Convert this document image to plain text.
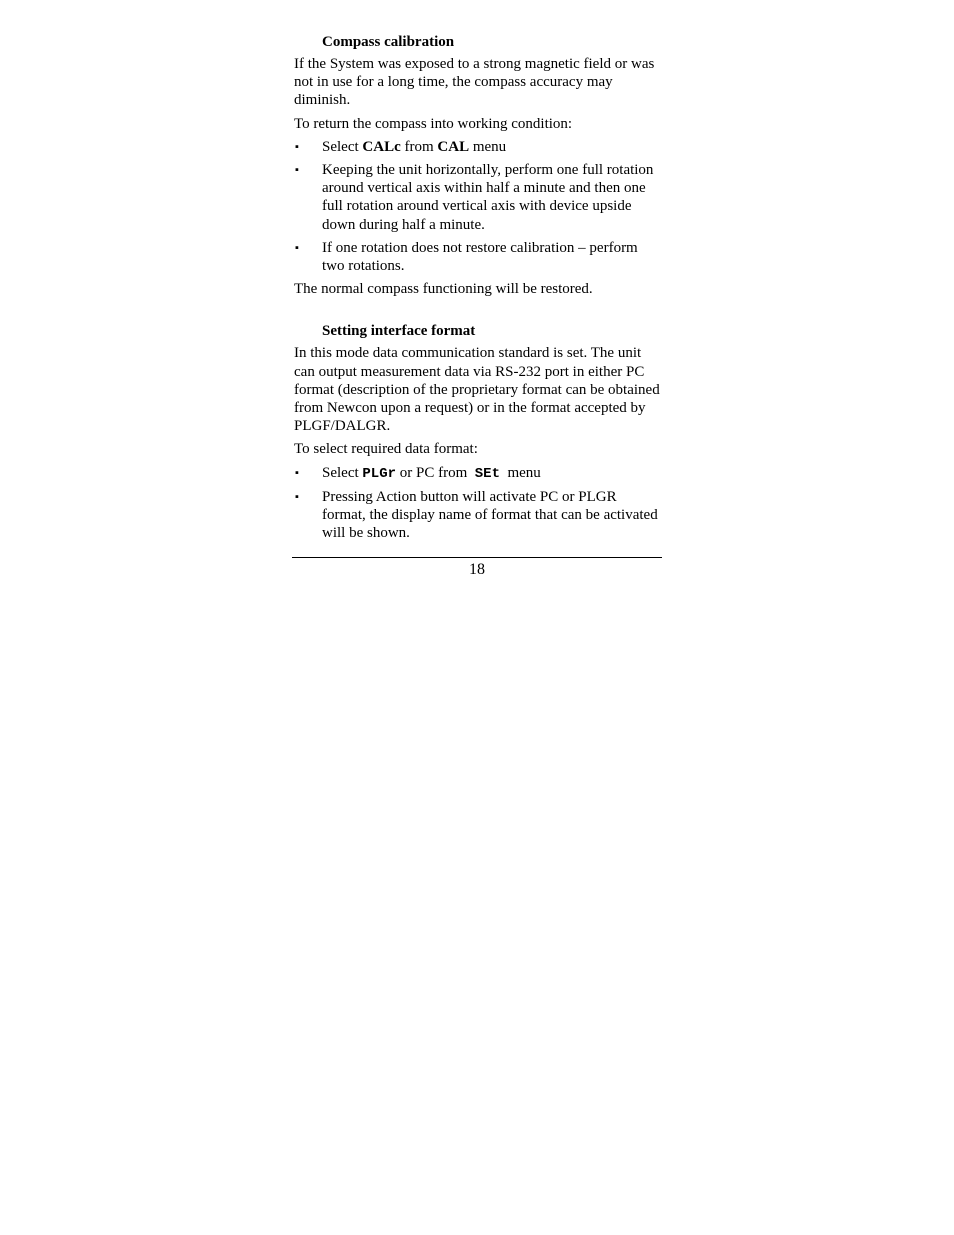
Compass calibration
If the System was exposed to a strong magnetic field or was not in use for a long time, the compass accuracy may diminish.
To return the compass into working condition:
▪ Select CALc from CAL menu
▪ Keeping the unit horizontally, perform one full rotation around vertical axis within half a minute and then one full rotation around vertical axis with device upside down during half a minute.
▪ If one rotation does not restore calibration – perform two rotations.
The normal compass functioning will be restored.
Setting interface format
In this mode data communication standard is set. The unit can output measurement data via RS-232 port in either PC format (description of the proprietary format can be obtained from Newcon upon a request) or in the format accepted by PLGF/DALGR.
To select required data format:
▪ Select PLGr or PC from  SEt  menu
▪ Pressing Action button will activate PC or PLGR format, the display name of format that can be activated will be shown.
18
